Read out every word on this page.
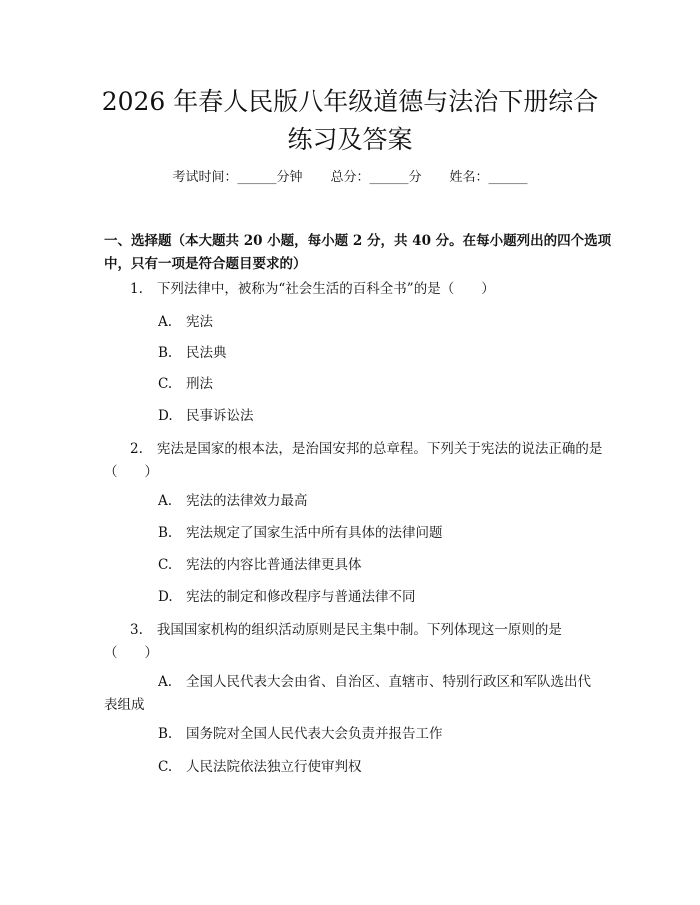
2026 年春人民版八年级道德与法治下册综合
练习及答案
考试时间：______分钟 总分：______分 姓名：______
一、选择题（本大题共 20 小题，每小题 2 分，共 40 分。在每小题列出的四个选项中，只有一项是符合题目要求的）
1. 下列法律中，被称为“社会生活的百科全书”的是（　　）
A. 宪法
B. 民法典
C. 刑法
D. 民事诉讼法
2. 宪法是国家的根本法，是治国安邦的总章程。下列关于宪法的说法正确的是（　　）
A. 宪法的法律效力最高
B. 宪法规定了国家生活中所有具体的法律问题
C. 宪法的内容比普通法律更具体
D. 宪法的制定和修改程序与普通法律不同
3. 我国国家机构的组织活动原则是民主集中制。下列体现这一原则的是（　　）
A. 全国人民代表大会由省、自治区、直辖市、特别行政区和军队选出代表组成
B. 国务院对全国人民代表大会负责并报告工作
C. 人民法院依法独立行使审判权
